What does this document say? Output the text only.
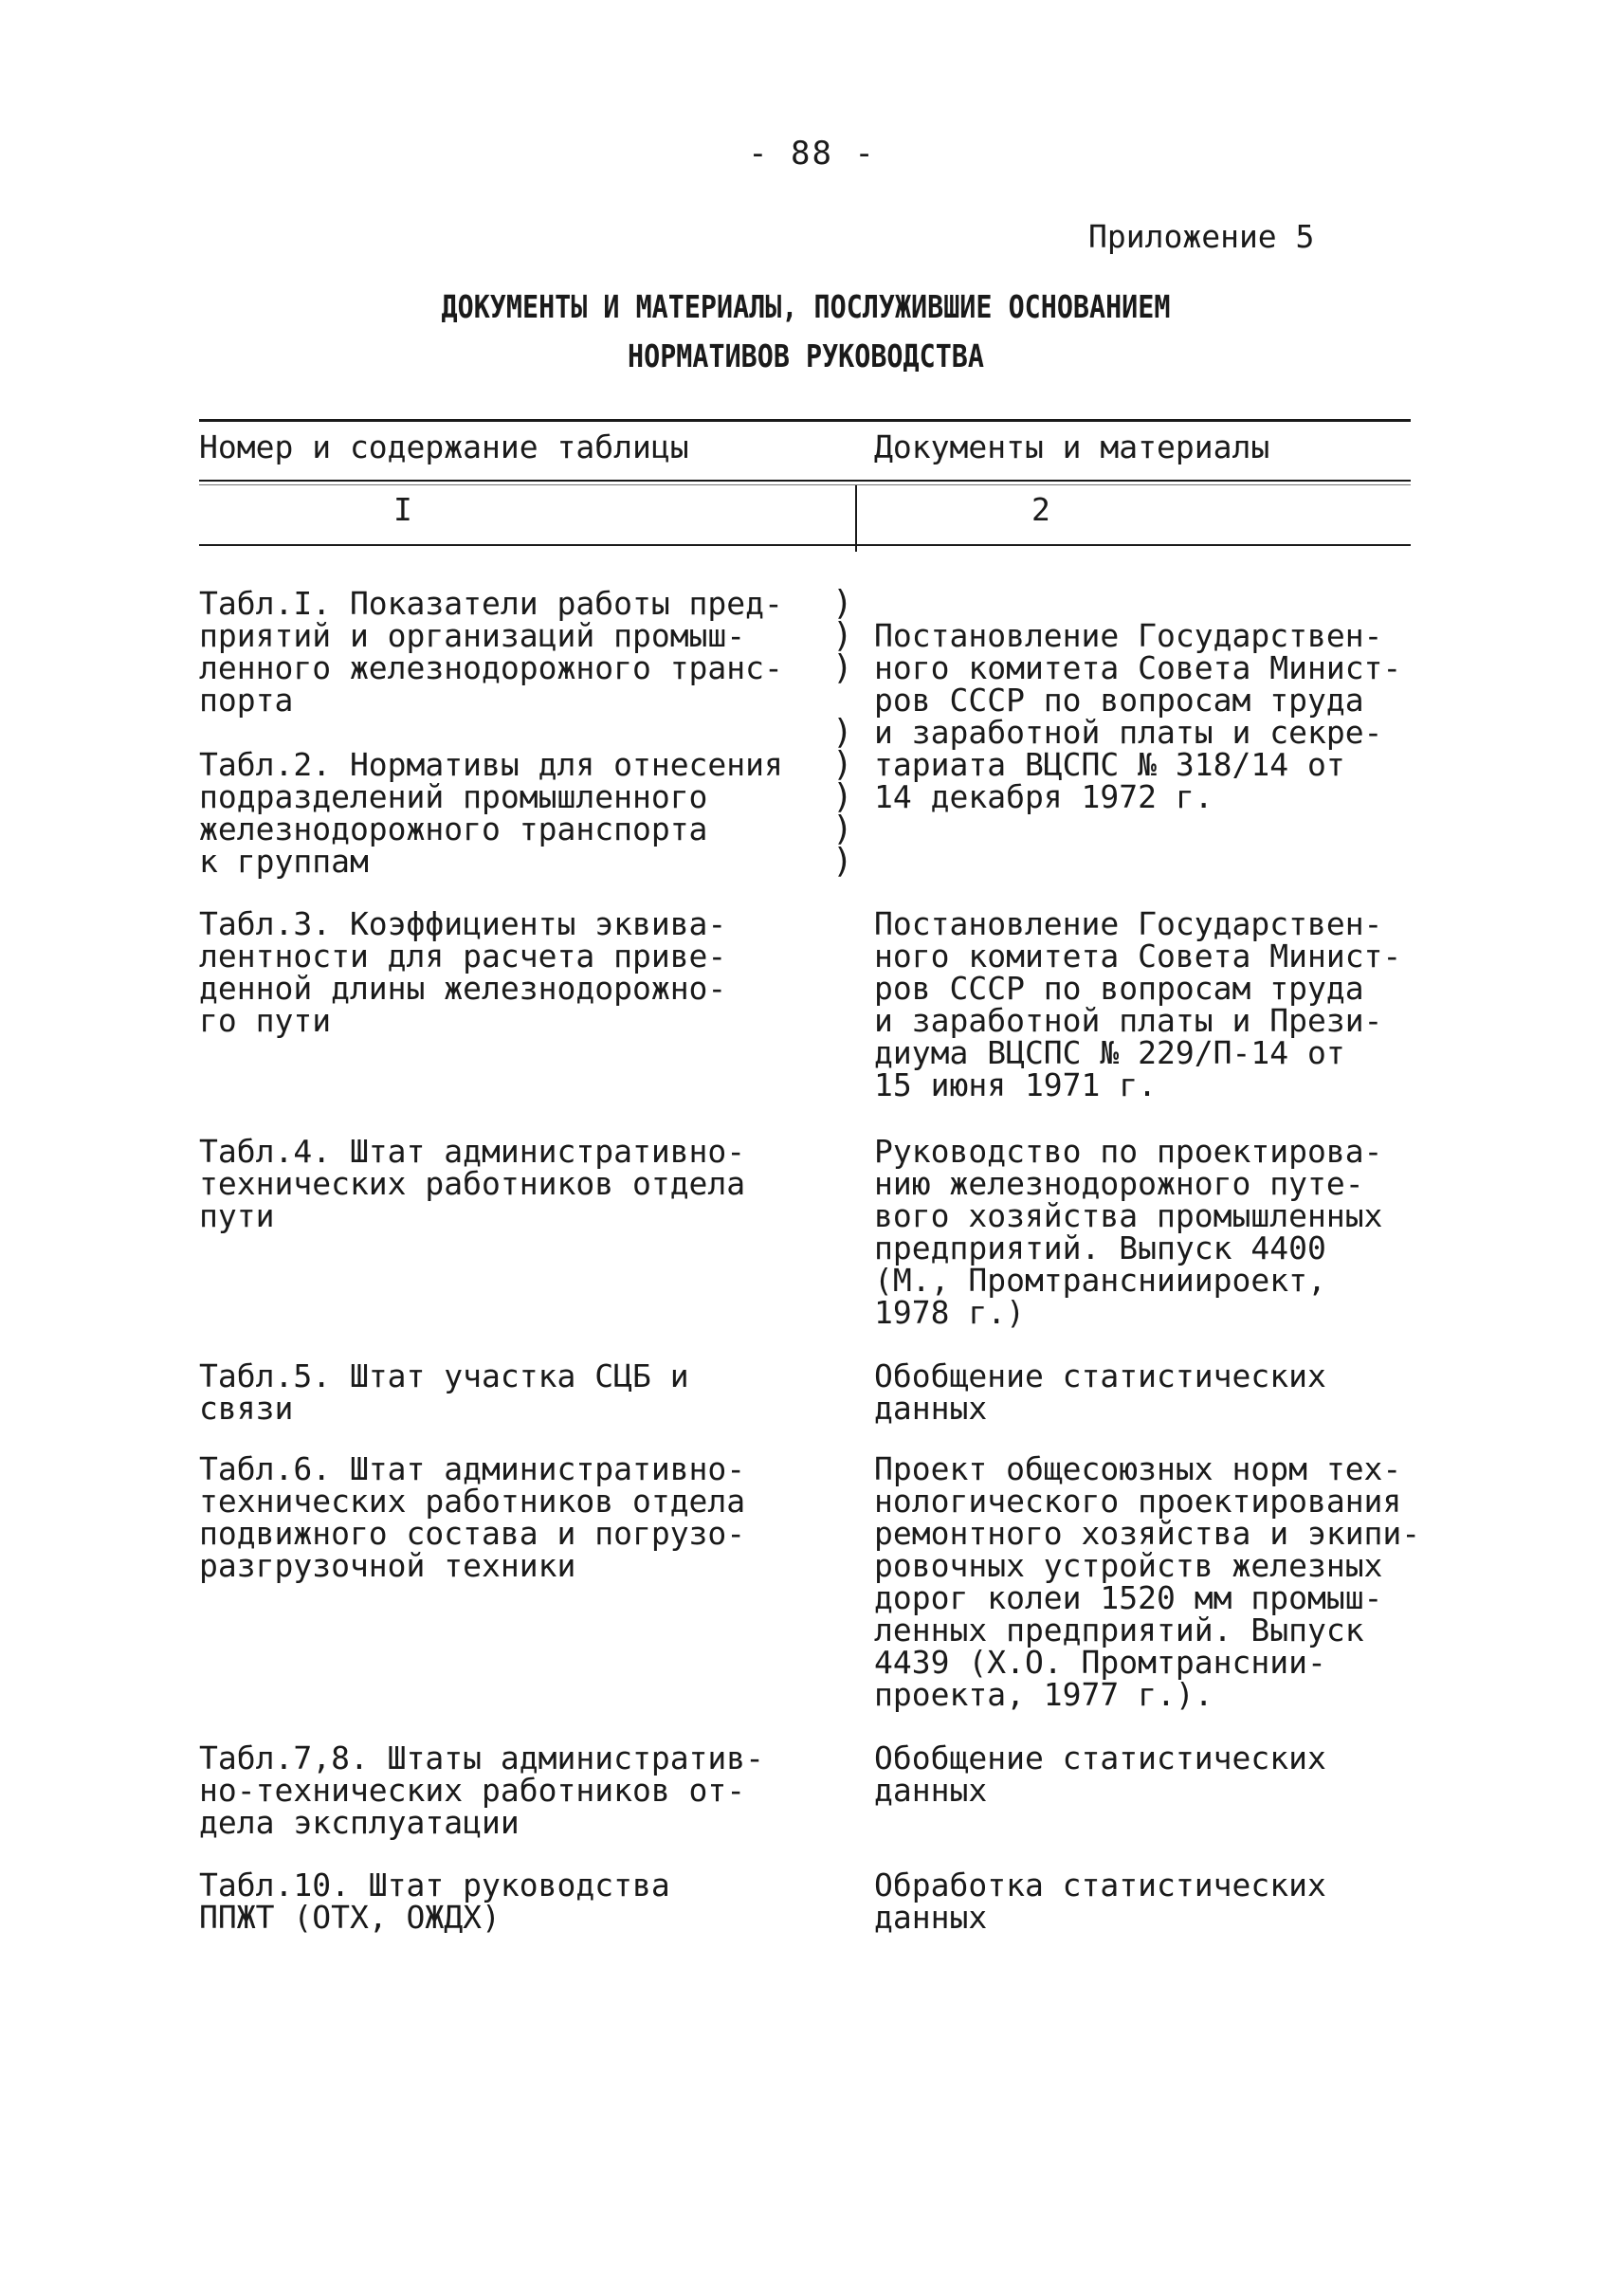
- 88 -
Приложение 5
ДОКУМЕНТЫ И МАТЕРИАЛЫ, ПОСЛУЖИВШИЕ ОСНОВАНИЕМ
НОРМАТИВОВ РУКОВОДСТВА
Номер и содержание таблицы	Документы и материалы
I	2
Табл.I. Показатели работы пред-
приятий и организаций промыш-
ленного железнодорожного транс-
порта

Табл.2. Нормативы для отнесения
подразделений промышленного
железнодорожного транспорта
к группам
)
)
)

)
)
)
)
)

Постановление Государствен-
ного комитета Совета Минист-
ров СССР по вопросам труда
и заработной платы и секре-
тариата ВЦСПС № 318/14 от
14 декабря 1972 г.
Табл.3. Коэффициенты эквива-
лентности для расчета приве-
денной длины железнодорожно-
го пути
Постановление Государствен-
ного комитета Совета Минист-
ров СССР по вопросам труда
и заработной платы и Прези-
диума ВЦСПС № 229/П-14 от
15 июня 1971 г.
Табл.4. Штат административно-
технических работников отдела
пути
Руководство по проектирова-
нию железнодорожного путе-
вого хозяйства промышленных
предприятий. Выпуск 4400
(М., Промтранснииироект,
1978 г.)
Табл.5. Штат участка СЦБ и
связи
Обобщение статистических
данных
Табл.6. Штат административно-
технических работников отдела
подвижного состава и погрузо-
разгрузочной техники
Проект общесоюзных норм тех-
нологического проектирования
ремонтного хозяйства и экипи-
ровочных устройств железных
дорог колеи 1520 мм промыш-
ленных предприятий. Выпуск
4439 (Х.О. Промтранснии-
проекта, 1977 г.).
Табл.7,8. Штаты административ-
но-технических работников от-
дела эксплуатации
Обобщение статистических
данных
Табл.10. Штат руководства
ППЖТ (ОТХ, ОЖДХ)
Обработка статистических
данных
